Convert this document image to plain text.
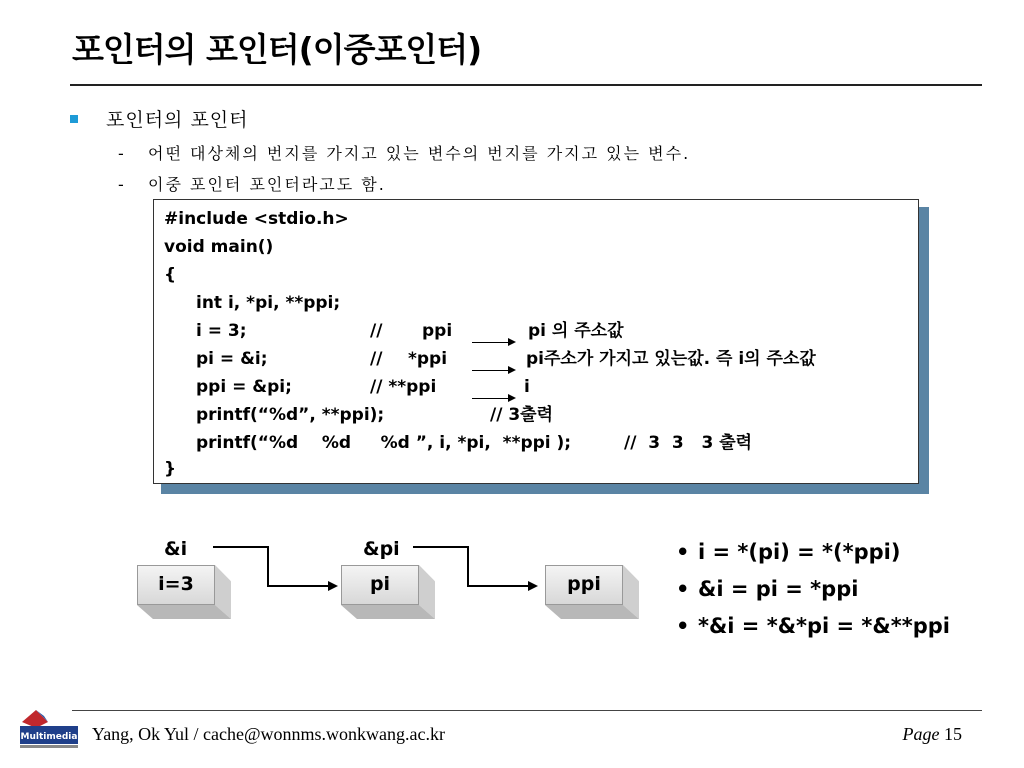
포인터의 포인터(이중포인터)
포인터의 포인터
- 어떤 대상체의 번지를 가지고 있는 변수의 번지를 가지고 있는 변수.
- 이중 포인터 포인터라고도 함.
#include <stdio.h>
void main()
{
int i, *pi, **ppi;
i = 3;	// ppi	pi 의 주소값
pi = &i;	// *ppi	pi주소가 가지고 있는값. 즉 i의 주소값
ppi = &pi;	// **ppi	i
printf(“%d”, **ppi);	// 3출력
printf(“%d    %d     %d ”, i, *pi,  **ppi );	//  3  3   3 출력
}
&i	&pi
i=3	pi	ppi
• i = *(pi) = *(*ppi)
• &i = pi = *ppi
• *&i = *&*pi = *&**ppi
Multimedia Yang, Ok Yul / cache@wonnms.wonkwang.ac.kr	Page 15
